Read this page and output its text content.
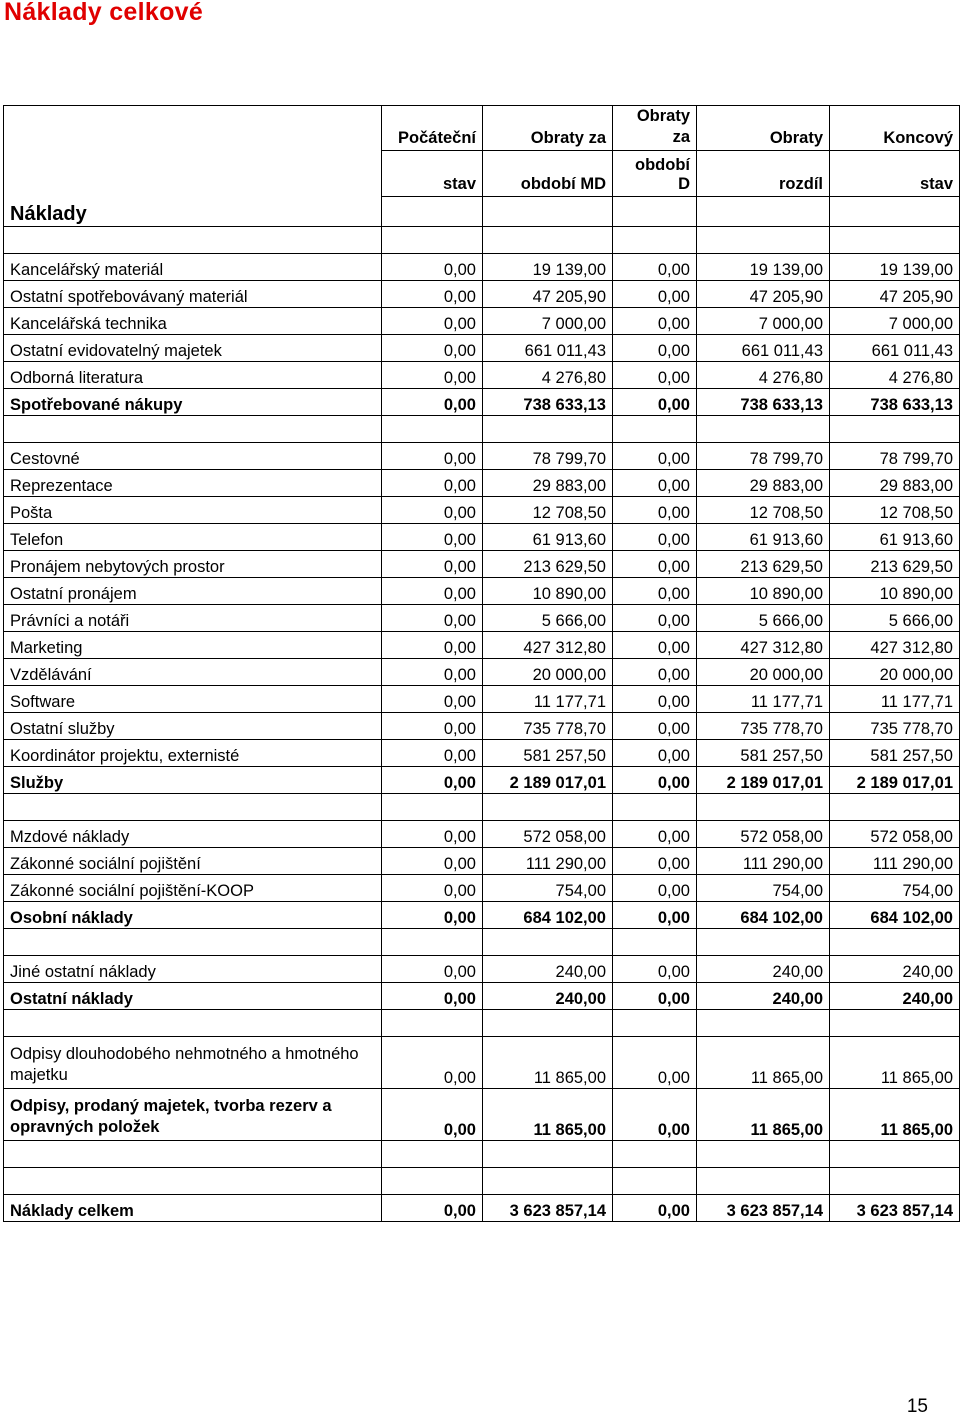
Náklady celkové
Náklady	Počáteční	Obraty za	Obraty za	Obraty	Koncový
	stav	období MD	období D	rozdíl	stav

Kancelářský materiál	0,00	19 139,00	0,00	19 139,00	19 139,00
Ostatní spotřebovávaný materiál	0,00	47 205,90	0,00	47 205,90	47 205,90
Kancelářská technika	0,00	7 000,00	0,00	7 000,00	7 000,00
Ostatní evidovatelný majetek	0,00	661 011,43	0,00	661 011,43	661 011,43
Odborná literatura	0,00	4 276,80	0,00	4 276,80	4 276,80
Spotřebované nákupy	0,00	738 633,13	0,00	738 633,13	738 633,13

Cestovné	0,00	78 799,70	0,00	78 799,70	78 799,70
Reprezentace	0,00	29 883,00	0,00	29 883,00	29 883,00
Pošta	0,00	12 708,50	0,00	12 708,50	12 708,50
Telefon	0,00	61 913,60	0,00	61 913,60	61 913,60
Pronájem nebytových prostor	0,00	213 629,50	0,00	213 629,50	213 629,50
Ostatní pronájem	0,00	10 890,00	0,00	10 890,00	10 890,00
Právníci a notáři	0,00	5 666,00	0,00	5 666,00	5 666,00
Marketing	0,00	427 312,80	0,00	427 312,80	427 312,80
Vzdělávání	0,00	20 000,00	0,00	20 000,00	20 000,00
Software	0,00	11 177,71	0,00	11 177,71	11 177,71
Ostatní služby	0,00	735 778,70	0,00	735 778,70	735 778,70
Koordinátor projektu, externisté	0,00	581 257,50	0,00	581 257,50	581 257,50
Služby	0,00	2 189 017,01	0,00	2 189 017,01	2 189 017,01

Mzdové náklady	0,00	572 058,00	0,00	572 058,00	572 058,00
Zákonné sociální pojištění	0,00	111 290,00	0,00	111 290,00	111 290,00
Zákonné sociální pojištění-KOOP	0,00	754,00	0,00	754,00	754,00
Osobní náklady	0,00	684 102,00	0,00	684 102,00	684 102,00

Jiné ostatní náklady	0,00	240,00	0,00	240,00	240,00
Ostatní náklady	0,00	240,00	0,00	240,00	240,00

Odpisy dlouhodobého nehmotného a hmotného majetku	0,00	11 865,00	0,00	11 865,00	11 865,00
Odpisy, prodaný majetek, tvorba rezerv a opravných položek	0,00	11 865,00	0,00	11 865,00	11 865,00

Náklady celkem	0,00	3 623 857,14	0,00	3 623 857,14	3 623 857,14
15
